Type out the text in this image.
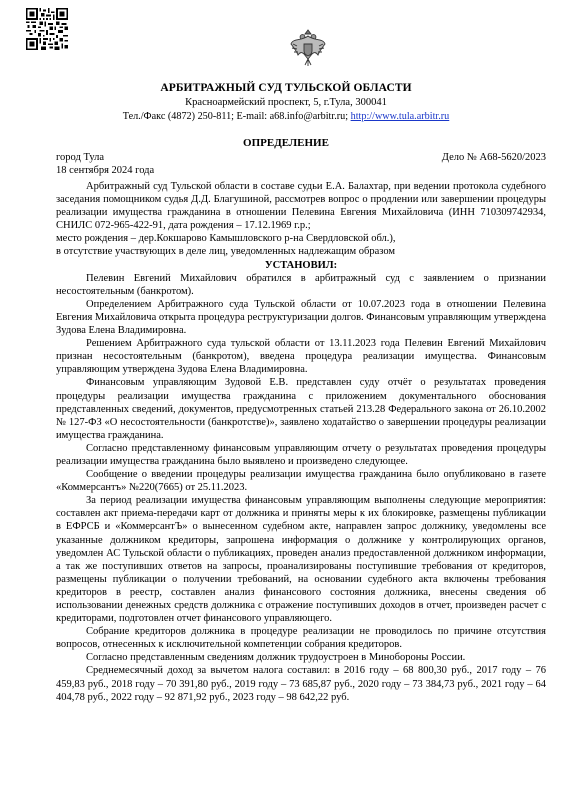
АРБИТРАЖНЫЙ СУД ТУЛЬСКОЙ ОБЛАСТИ
Красноармейский проспект, 5, г.Тула, 300041
Тел./Факс (4872) 250-811; E-mail: a68.info@arbitr.ru; http://www.tula.arbitr.ru
ОПРЕДЕЛЕНИЕ
город Тула	Дело № А68-5620/2023
18 сентября 2024 года

Арбитражный суд Тульской области в составе судьи Е.А. Балахтар, при ведении протокола судебного заседания помощником судья Д.Д. Благушиной, рассмотрев вопрос о продлении или завершении процедуры реализации имущества гражданина в отношении Пелевина Евгения Михайловича (ИНН 710309742934, СНИЛС 072-965-422-91, дата рождения – 17.12.1969 г.р.;

место рождения – дер.Кокшарово Камышловского р-на Свердловской обл.),

в отсутствие участвующих в деле лиц, уведомленных надлежащим образом

УСТАНОВИЛ:

Пелевин Евгений Михайлович обратился в арбитражный суд с заявлением о признании несостоятельным (банкротом).

Определением Арбитражного суда Тульской области от 10.07.2023 года в отношении Пелевина Евгения Михайловича открыта процедура реструктуризации долгов. Финансовым управляющим утверждена Зудова Елена Владимировна.

Решением Арбитражного суда тульской области от 13.11.2023 года Пелевин Евгений Михайлович признан несостоятельным (банкротом), введена процедура реализации имущества. Финансовым управляющим утверждена Зудова Елена Владимировна.

Финансовым управляющим Зудовой Е.В. представлен суду отчёт о результатах проведения процедуры реализации имущества гражданина с приложением документального обоснования представленных сведений, документов, предусмотренных статьей 213.28 Федерального закона от 26.10.2002 № 127-ФЗ «О несостоятельности (банкротстве)», заявлено ходатайство о завершении процедуры реализации имущества гражданина.

Согласно представленному финансовым управляющим отчету о результатах проведения процедуры реализации имущества гражданина было выявлено и произведено следующее.

Сообщение о введении процедуры реализации имущества гражданина было опубликовано в газете «Коммерсантъ» №220(7665) от 25.11.2023.

За период реализации имущества финансовым управляющим выполнены следующие мероприятия: составлен акт приема-передачи карт от должника и приняты меры к их блокировке, размещены публикации в ЕФРСБ и «КоммерсантЪ» о вынесенном судебном акте, направлен запрос должнику, уведомлены все указанные должником кредиторы, запрошена информация о должнике у контролирующих органов, уведомлен АС Тульской области о публикациях, проведен анализ предоставленной должником информации, а так же поступивших ответов на запросы, проанализированы поступившие требования от кредиторов, размещены публикации о получении требований, на основании судебного акта включены требования кредиторов в реестр, составлен анализ финансового состояния должника, внесены сведения об использовании денежных средств должника с отражение поступивших доходов в отчет, произведен расчет с кредиторами, подготовлен отчет финансового управляющего.

Собрание кредиторов должника в процедуре реализации не проводилось по причине отсутствия вопросов, отнесенных к исключительной компетенции собрания кредиторов.

Согласно представленным сведениям должник трудоустроен в Минобороны России.

Среднемесячный доход за вычетом налога составил: в 2016 году – 68 800,30 руб., 2017 году – 76 459,83 руб., 2018 году – 70 391,80 руб., 2019 году – 73 685,87 руб., 2020 году – 73 384,73 руб., 2021 году – 64 404,78 руб., 2022 году – 92 871,92 руб., 2023 году – 98 642,22 руб.
